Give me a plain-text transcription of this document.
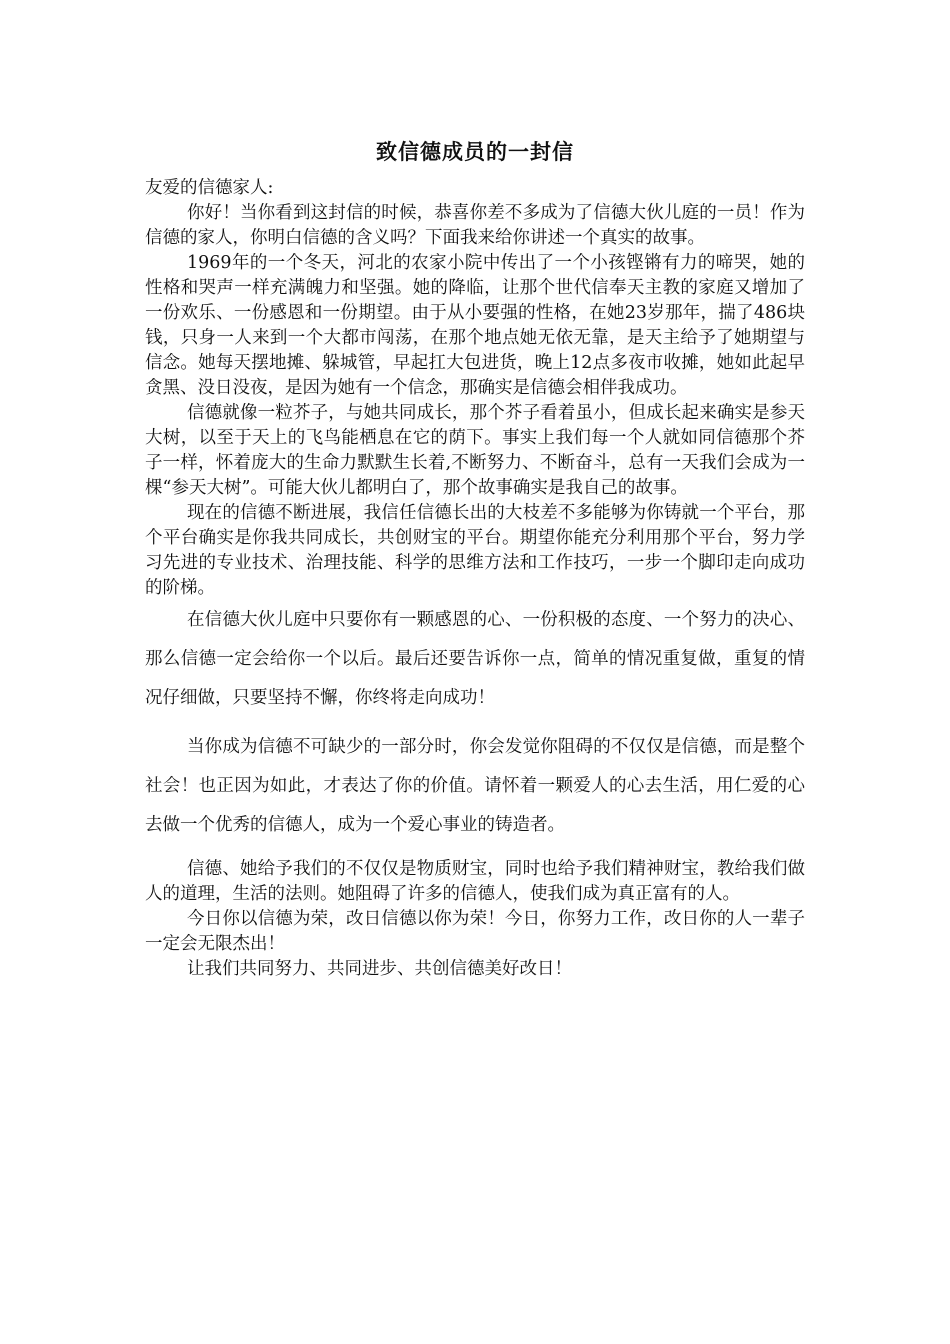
致信德成员的一封信

友爱的信德家人:

你好！当你看到这封信的时候，恭喜你差不多成为了信德大伙儿庭的一员！作为信德的家人，你明白信德的含义吗？下面我来给你讲述一个真实的故事。

1969年的一个冬天，河北的农家小院中传出了一个小孩铿锵有力的啼哭，她的性格和哭声一样充满魄力和坚强。她的降临，让那个世代信奉天主教的家庭又增加了一份欢乐、一份感恩和一份期望。由于从小要强的性格，在她23岁那年，揣了486块钱，只身一人来到一个大都市闯荡，在那个地点她无依无靠，是天主给予了她期望与信念。她每天摆地摊、躲城管，早起扛大包进货，晚上12点多夜市收摊，她如此起早贪黑、没日没夜，是因为她有一个信念，那确实是信德会相伴我成功。

信德就像一粒芥子，与她共同成长，那个芥子看着虽小，但成长起来确实是参天大树，以至于天上的飞鸟能栖息在它的荫下。事实上我们每一个人就如同信德那个芥子一样，怀着庞大的生命力默默生长着,不断努力、不断奋斗，总有一天我们会成为一棵“参天大树”。可能大伙儿都明白了，那个故事确实是我自己的故事。

现在的信德不断进展，我信任信德长出的大枝差不多能够为你铸就一个平台，那个平台确实是你我共同成长，共创财宝的平台。期望你能充分利用那个平台，努力学习先进的专业技术、治理技能、科学的思维方法和工作技巧，一步一个脚印走向成功的阶梯。

在信德大伙儿庭中只要你有一颗感恩的心、一份积极的态度、一个努力的决心、那么信德一定会给你一个以后。最后还要告诉你一点，简单的情况重复做，重复的情况仔细做，只要坚持不懈，你终将走向成功！

当你成为信德不可缺少的一部分时，你会发觉你阻碍的不仅仅是信德，而是整个社会！也正因为如此，才表达了你的价值。请怀着一颗爱人的心去生活，用仁爱的心去做一个优秀的信德人，成为一个爱心事业的铸造者。

信德、她给予我们的不仅仅是物质财宝，同时也给予我们精神财宝，教给我们做人的道理，生活的法则。她阻碍了许多的信德人，使我们成为真正富有的人。

今日你以信德为荣，改日信德以你为荣！今日，你努力工作，改日你的人一辈子一定会无限杰出！

让我们共同努力、共同进步、共创信德美好改日！
